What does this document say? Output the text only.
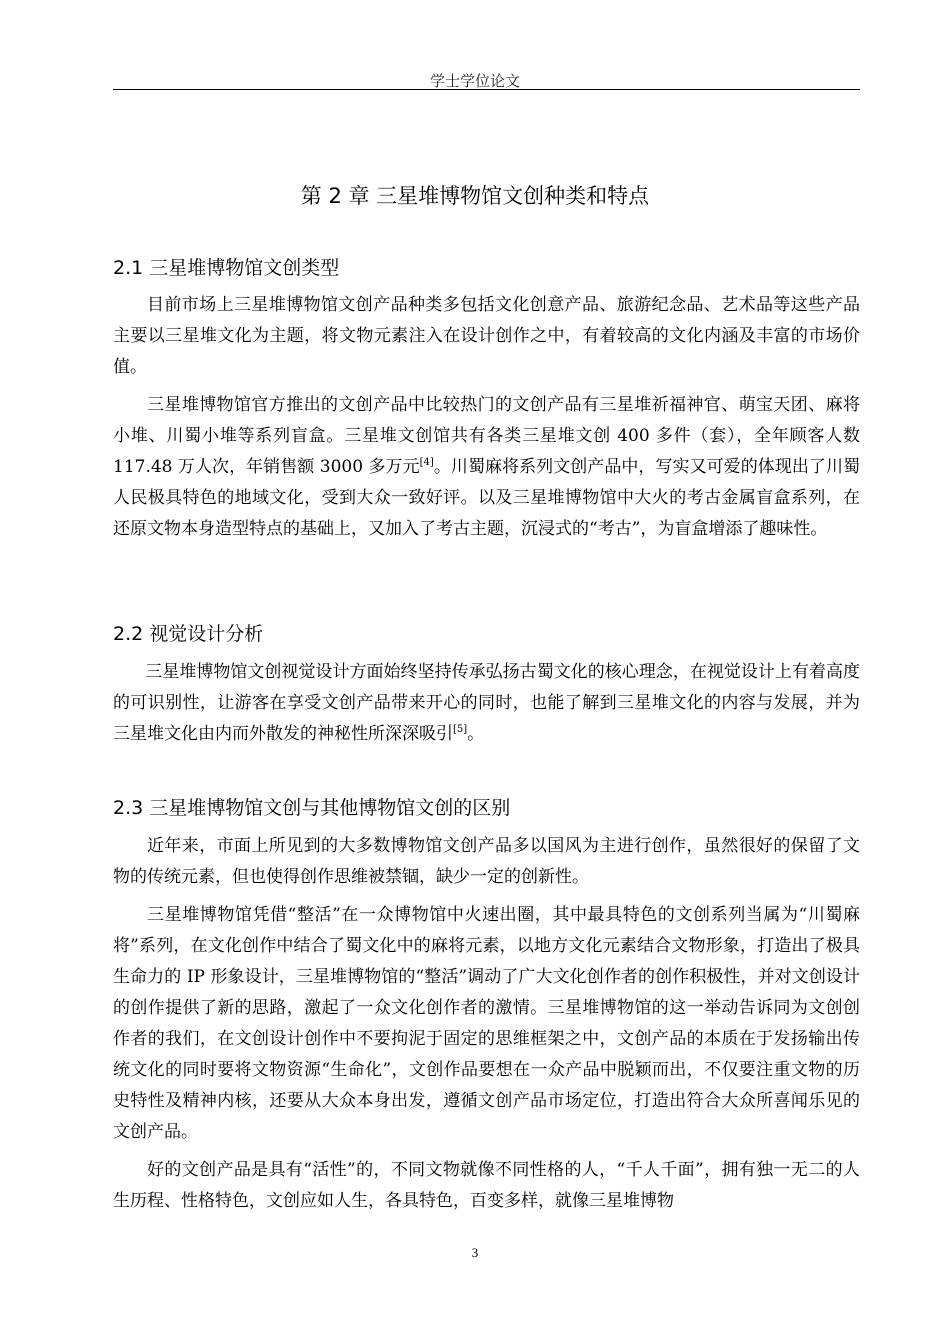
学士学位论文
第 2 章 三星堆博物馆文创种类和特点
2.1 三星堆博物馆文创类型

目前市场上三星堆博物馆文创产品种类多包括文化创意产品、旅游纪念品、艺术品等这些产品主要以三星堆文化为主题，将文物元素注入在设计创作之中，有着较高的文化内涵及丰富的市场价值。

三星堆博物馆官方推出的文创产品中比较热门的文创产品有三星堆祈福神官、萌宝天团、麻将小堆、川蜀小堆等系列盲盒。三星堆文创馆共有各类三星堆文创 400 多件（套），全年顾客人数 117.48 万人次，年销售额 3000 多万元[4]。川蜀麻将系列文创产品中，写实又可爱的体现出了川蜀人民极具特色的地域文化，受到大众一致好评。以及三星堆博物馆中大火的考古金属盲盒系列，在还原文物本身造型特点的基础上，又加入了考古主题，沉浸式的“考古”，为盲盒增添了趣味性。

2.2 视觉设计分析

三星堆博物馆文创视觉设计方面始终坚持传承弘扬古蜀文化的核心理念，在视觉设计上有着高度的可识别性，让游客在享受文创产品带来开心的同时，也能了解到三星堆文化的内容与发展，并为三星堆文化由内而外散发的神秘性所深深吸引[5]。

2.3 三星堆博物馆文创与其他博物馆文创的区别

近年来，市面上所见到的大多数博物馆文创产品多以国风为主进行创作，虽然很好的保留了文物的传统元素，但也使得创作思维被禁锢，缺少一定的创新性。

三星堆博物馆凭借“整活”在一众博物馆中火速出圈，其中最具特色的文创系列当属为“川蜀麻将”系列，在文化创作中结合了蜀文化中的麻将元素，以地方文化元素结合文物形象，打造出了极具生命力的 IP 形象设计，三星堆博物馆的“整活”调动了广大文化创作者的创作积极性，并对文创设计的创作提供了新的思路，激起了一众文化创作者的激情。三星堆博物馆的这一举动告诉同为文创创作者的我们，在文创设计创作中不要拘泥于固定的思维框架之中，文创产品的本质在于发扬输出传统文化的同时要将文物资源“生命化”，文创作品要想在一众产品中脱颖而出，不仅要注重文物的历史特性及精神内核，还要从大众本身出发，遵循文创产品市场定位，打造出符合大众所喜闻乐见的文创产品。

好的文创产品是具有“活性”的，不同文物就像不同性格的人，“千人千面”，拥有独一无二的人生历程、性格特色，文创应如人生，各具特色，百变多样，就像三星堆博物

3
